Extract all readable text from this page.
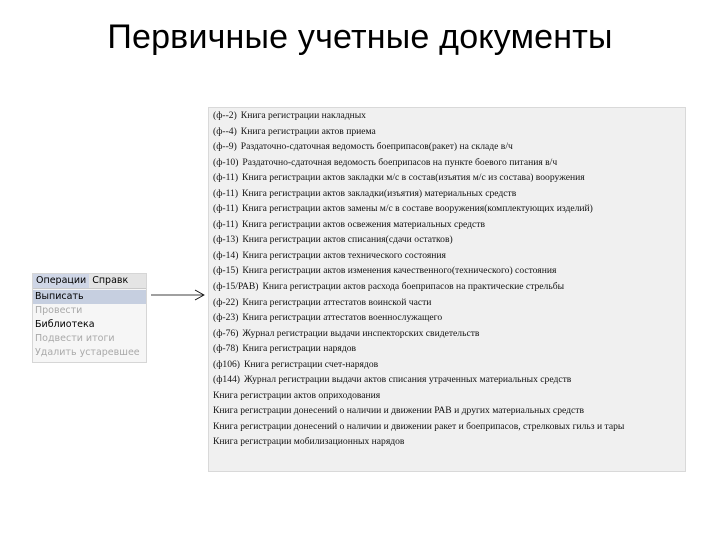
Первичные учетные документы
Операции Справк
Выписать
Провести
Библиотека
Подвести итоги
Удалить устаревшее
(ф--2) Книга регистрации накладных
(ф--4) Книга регистрации актов приема
(ф--9) Раздаточно-сдаточная ведомость боеприпасов(ракет) на складе в/ч
(ф-10) Раздаточно-сдаточная ведомость боеприпасов на пункте боевого питания в/ч
(ф-11) Книга регистрации актов закладки м/с в состав(изъятия м/с из состава) вооружения
(ф-11) Книга регистрации актов закладки(изъятия) материальных средств
(ф-11) Книга регистрации актов замены м/с в составе вооружения(комплектующих изделий)
(ф-11) Книга регистрации актов освежения материальных средств
(ф-13) Книга регистрации актов списания(сдачи остатков)
(ф-14) Книга регистрации актов технического состояния
(ф-15) Книга регистрации актов изменения качественного(технического) состояния
(ф-15/РАВ) Книга регистрации актов расхода боеприпасов на практические стрельбы
(ф-22) Книга регистрации аттестатов воинской части
(ф-23) Книга регистрации аттестатов военнослужащего
(ф-76) Журнал регистрации выдачи инспекторских свидетельств
(ф-78) Книга регистрации нарядов
(ф106) Книга регистрации счет-нарядов
(ф144) Журнал регистрации выдачи актов списания утраченных материальных средств
Книга регистрации актов оприходования
Книга регистрации донесений о наличии и движении РАВ и других материальных средств
Книга регистрации донесений о наличии и движении ракет и боеприпасов, стрелковых гильз и тары
Книга регистрации мобилизационных нарядов
